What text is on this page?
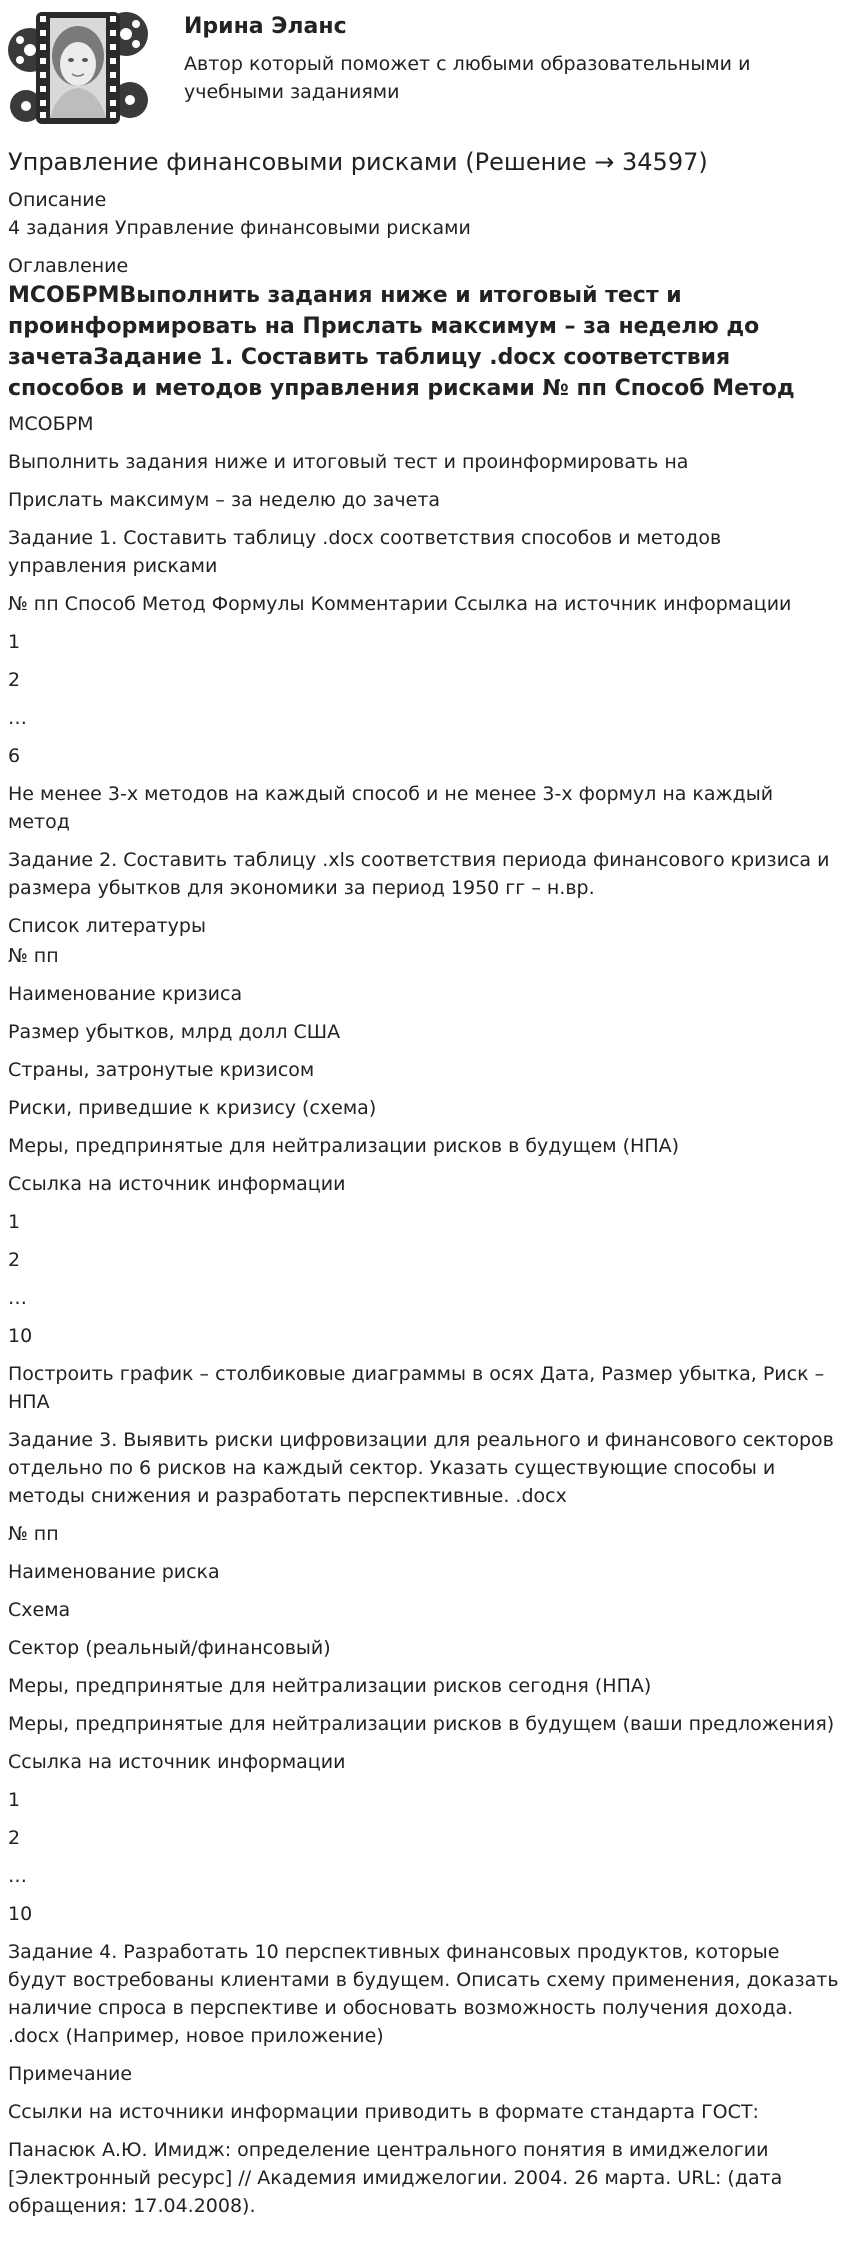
Ирина Эланс
Автор который поможет с любыми образовательными и учебными заданиями
Управление финансовыми рисками (Решение → 34597)
Описание
4 задания Управление финансовыми рисками
Оглавление
МСОБРМВыполнить задания ниже и итоговый тест и проинформировать на Прислать максимум – за неделю до зачетаЗадание 1. Составить таблицу .docx соответствия способов и методов управления рисками № пп Способ Метод

МСОБРМ

Выполнить задания ниже и итоговый тест и проинформировать на

Прислать максимум – за неделю до зачета

Задание 1. Составить таблицу .docx соответствия способов и методов управления рисками

№ пп Способ Метод Формулы Комментарии Ссылка на источник информации

1

2

…

6

Не менее 3-х методов на каждый способ и не менее 3-х формул на каждый метод

Задание 2. Составить таблицу .xls соответствия периода финансового кризиса и размера убытков для экономики за период 1950 гг – н.вр.

Список литературы

№ пп

Наименование кризиса

Размер убытков, млрд долл США

Страны, затронутые кризисом

Риски, приведшие к кризису (схема)

Меры, предпринятые для нейтрализации рисков в будущем (НПА)

Ссылка на источник информации

1

2

…

10

Построить график – столбиковые диаграммы в осях Дата, Размер убытка, Риск –НПА

Задание 3. Выявить риски цифровизации для реального и финансового секторов отдельно по 6 рисков на каждый сектор. Указать существующие способы и методы снижения и разработать перспективные. .docx

№ пп

Наименование риска

Схема

Сектор (реальный/финансовый)

Меры, предпринятые для нейтрализации рисков сегодня (НПА)

Меры, предпринятые для нейтрализации рисков в будущем (ваши предложения)

Ссылка на источник информации

1

2

…

10

Задание 4. Разработать 10 перспективных финансовых продуктов, которые будут востребованы клиентами в будущем. Описать схему применения, доказать наличие спроса в перспективе и обосновать возможность получения дохода. .docx (Например, новое приложение)

Примечание

Ссылки на источники информации приводить в формате стандарта ГОСТ:

Панасюк А.Ю. Имидж: определение центрального понятия в имиджелогии [Электронный ресурс] // Академия имиджелогии. 2004. 26 марта. URL: (дата обращения: 17.04.2008).
